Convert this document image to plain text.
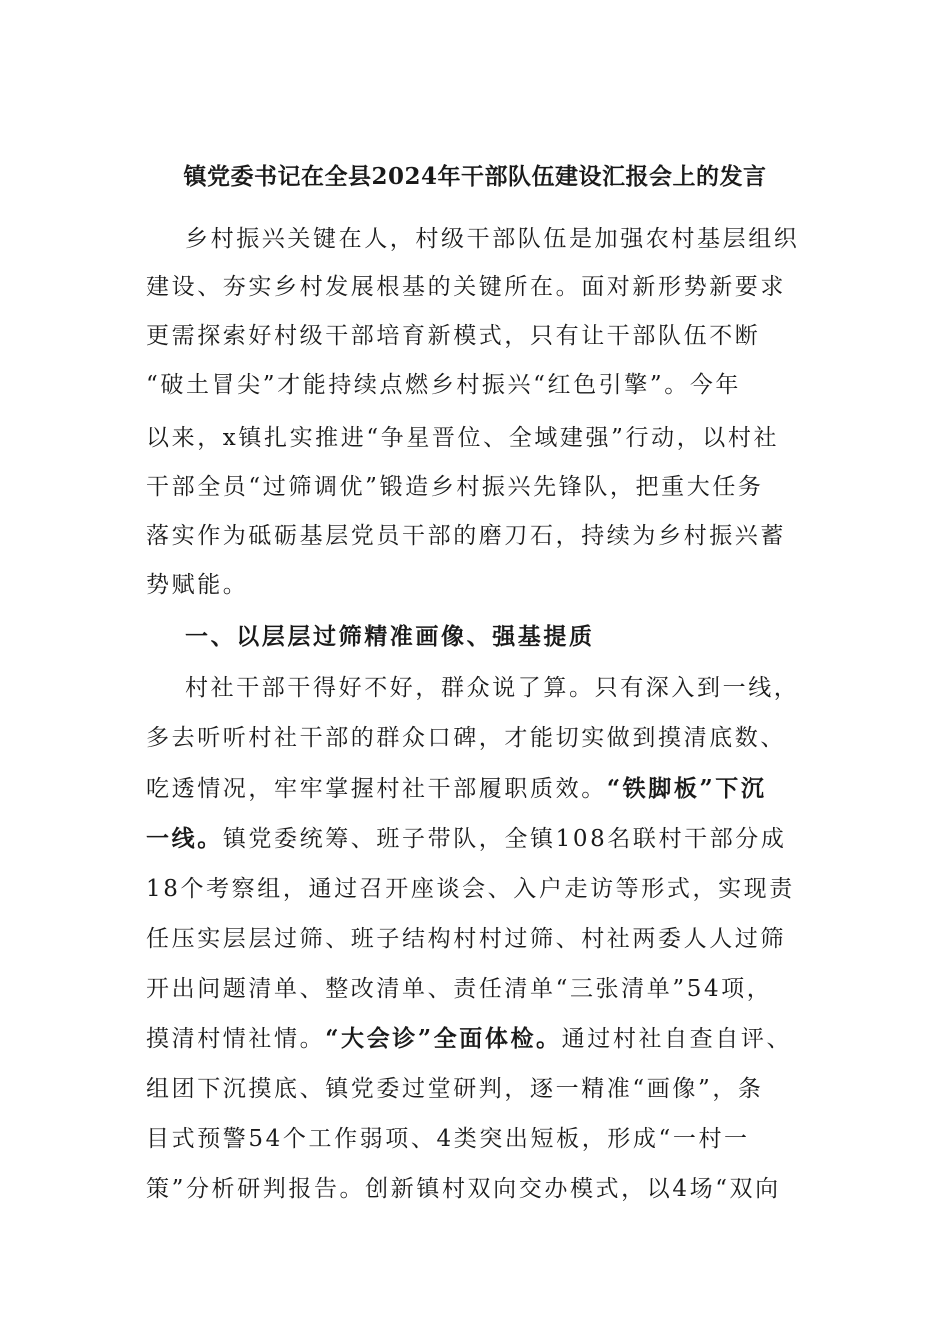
镇党委书记在全县2024年干部队伍建设汇报会上的发言
乡村振兴关键在人，村级干部队伍是加强农村基层组织
建设、夯实乡村发展根基的关键所在。面对新形势新要求
更需探索好村级干部培育新模式，只有让干部队伍不断
“破土冒尖”才能持续点燃乡村振兴“红色引擎”。今年
以来，x镇扎实推进“争星晋位、全域建强”行动，以村社
干部全员“过筛调优”锻造乡村振兴先锋队，把重大任务
落实作为砥砺基层党员干部的磨刀石，持续为乡村振兴蓄
势赋能。
一、以层层过筛精准画像、强基提质
村社干部干得好不好，群众说了算。只有深入到一线，
多去听听村社干部的群众口碑，才能切实做到摸清底数、
吃透情况，牢牢掌握村社干部履职质效。“铁脚板”下沉
一线。镇党委统筹、班子带队，全镇108名联村干部分成
18个考察组，通过召开座谈会、入户走访等形式，实现责
任压实层层过筛、班子结构村村过筛、村社两委人人过筛
开出问题清单、整改清单、责任清单“三张清单”54项，
摸清村情社情。“大会诊”全面体检。通过村社自查自评、
组团下沉摸底、镇党委过堂研判，逐一精准“画像”，条
目式预警54个工作弱项、4类突出短板，形成“一村一
策”分析研判报告。创新镇村双向交办模式，以4场“双向
